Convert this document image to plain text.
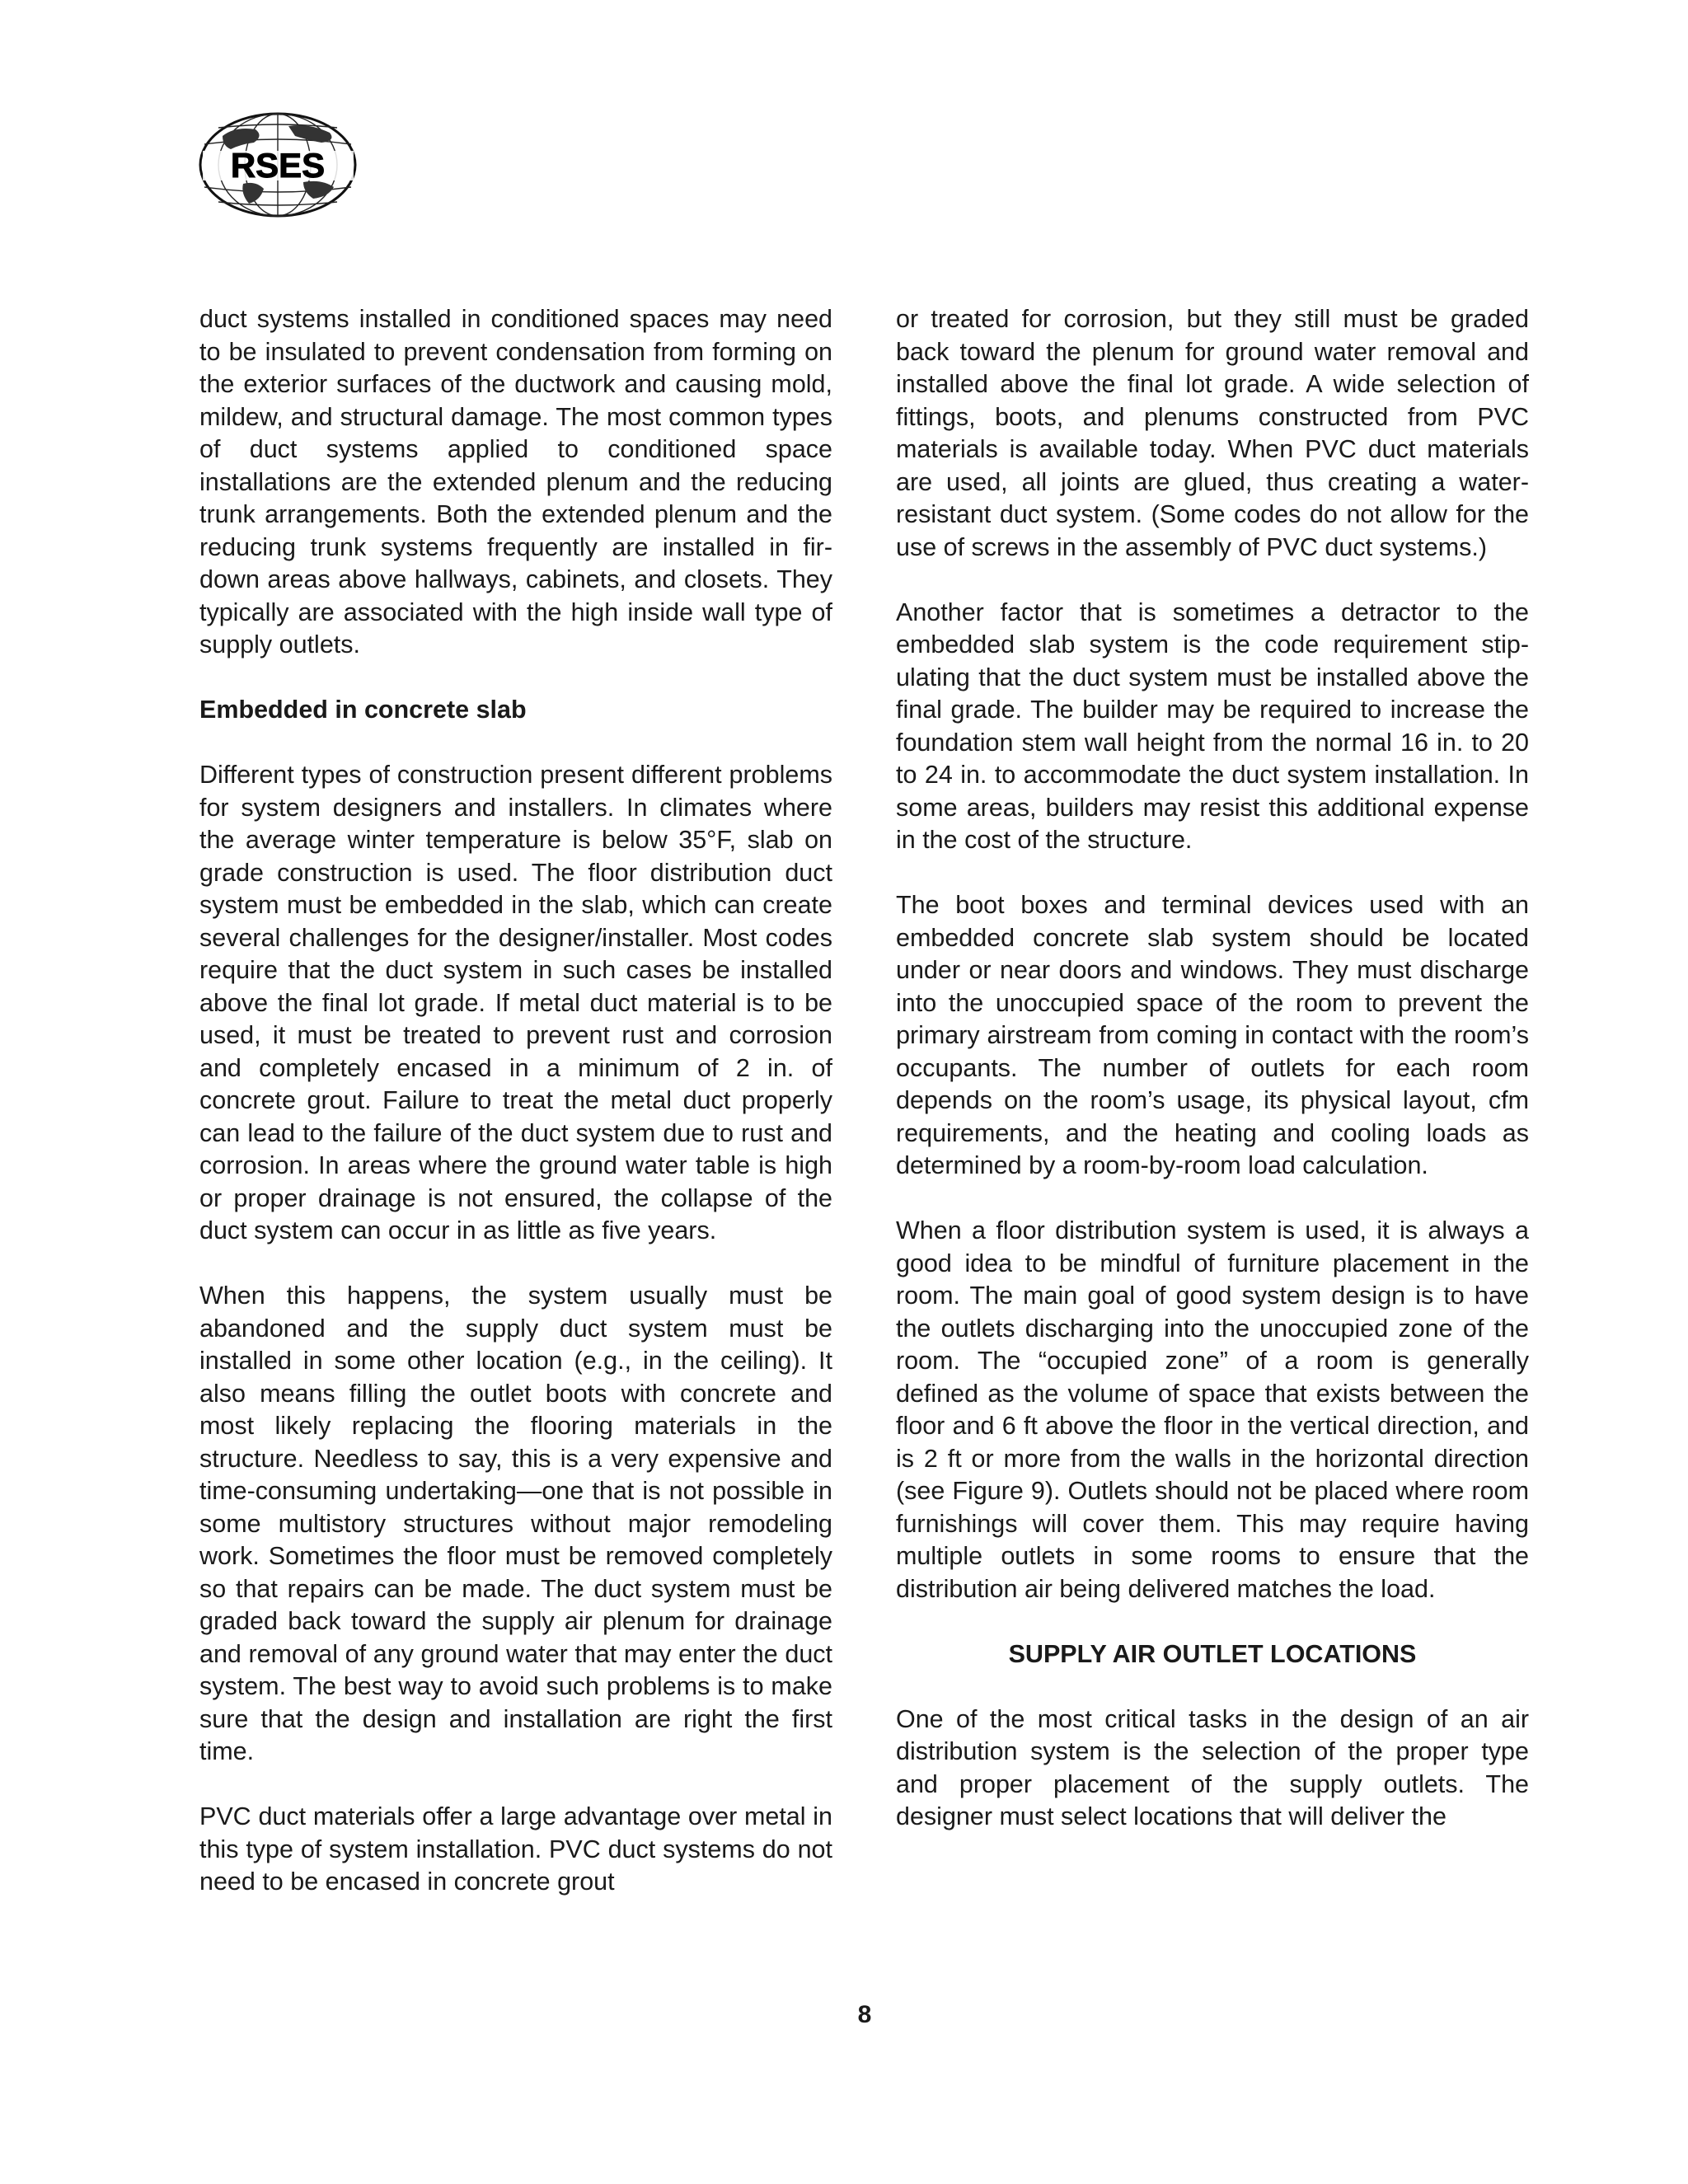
RSES

duct systems installed in conditioned spaces may need to be insulated to prevent condensation from forming on the exterior surfaces of the ductwork and causing mold, mildew, and structural damage. The most common types of duct systems applied to conditioned space installations are the extended plenum and the reducing trunk arrangements. Both the extended plenum and the reducing trunk systems frequently are installed in fir-down areas above hallways, cabinets, and closets. They typically are associated with the high inside wall type of supply outlets.

Embedded in concrete slab

Different types of construction present different problems for system designers and installers. In climates where the average winter temperature is below 35°F, slab on grade construction is used. The floor distribution duct system must be embedded in the slab, which can create several challenges for the designer/installer. Most codes require that the duct system in such cases be installed above the final lot grade. If metal duct material is to be used, it must be treated to prevent rust and corrosion and completely encased in a minimum of 2 in. of concrete grout. Failure to treat the metal duct properly can lead to the failure of the duct system due to rust and corrosion. In areas where the ground water table is high or proper drainage is not ensured, the collapse of the duct system can occur in as little as five years.

When this happens, the system usually must be abandoned and the supply duct system must be installed in some other location (e.g., in the ceiling). It also means filling the outlet boots with concrete and most likely replacing the flooring materials in the structure. Needless to say, this is a very expensive and time-consuming undertaking—one that is not possible in some multistory structures without major remodeling work. Sometimes the floor must be removed completely so that repairs can be made. The duct system must be graded back toward the supply air plenum for drainage and removal of any ground water that may enter the duct system. The best way to avoid such problems is to make sure that the design and installation are right the first time.

PVC duct materials offer a large advantage over metal in this type of system installation. PVC duct systems do not need to be encased in concrete grout

or treated for corrosion, but they still must be graded back toward the plenum for ground water removal and installed above the final lot grade. A wide selection of fittings, boots, and plenums constructed from PVC materials is available today. When PVC duct materials are used, all joints are glued, thus creating a water-resistant duct system. (Some codes do not allow for the use of screws in the assembly of PVC duct systems.)

Another factor that is sometimes a detractor to the embedded slab system is the code requirement stipulating that the duct system must be installed above the final grade. The builder may be required to increase the foundation stem wall height from the normal 16 in. to 20 to 24 in. to accommodate the duct system installation. In some areas, builders may resist this additional expense in the cost of the structure.

The boot boxes and terminal devices used with an embedded concrete slab system should be located under or near doors and windows. They must discharge into the unoccupied space of the room to prevent the primary airstream from coming in contact with the room’s occupants. The number of outlets for each room depends on the room’s usage, its physical layout, cfm requirements, and the heating and cooling loads as determined by a room-by-room load calculation.

When a floor distribution system is used, it is always a good idea to be mindful of furniture placement in the room. The main goal of good system design is to have the outlets discharging into the unoccupied zone of the room. The “occupied zone” of a room is generally defined as the volume of space that exists between the floor and 6 ft above the floor in the vertical direction, and is 2 ft or more from the walls in the horizontal direction (see Figure 9). Outlets should not be placed where room furnishings will cover them. This may require having multiple outlets in some rooms to ensure that the distribution air being delivered matches the load.

SUPPLY AIR OUTLET LOCATIONS

One of the most critical tasks in the design of an air distribution system is the selection of the proper type and proper placement of the supply outlets. The designer must select locations that will deliver the

8
